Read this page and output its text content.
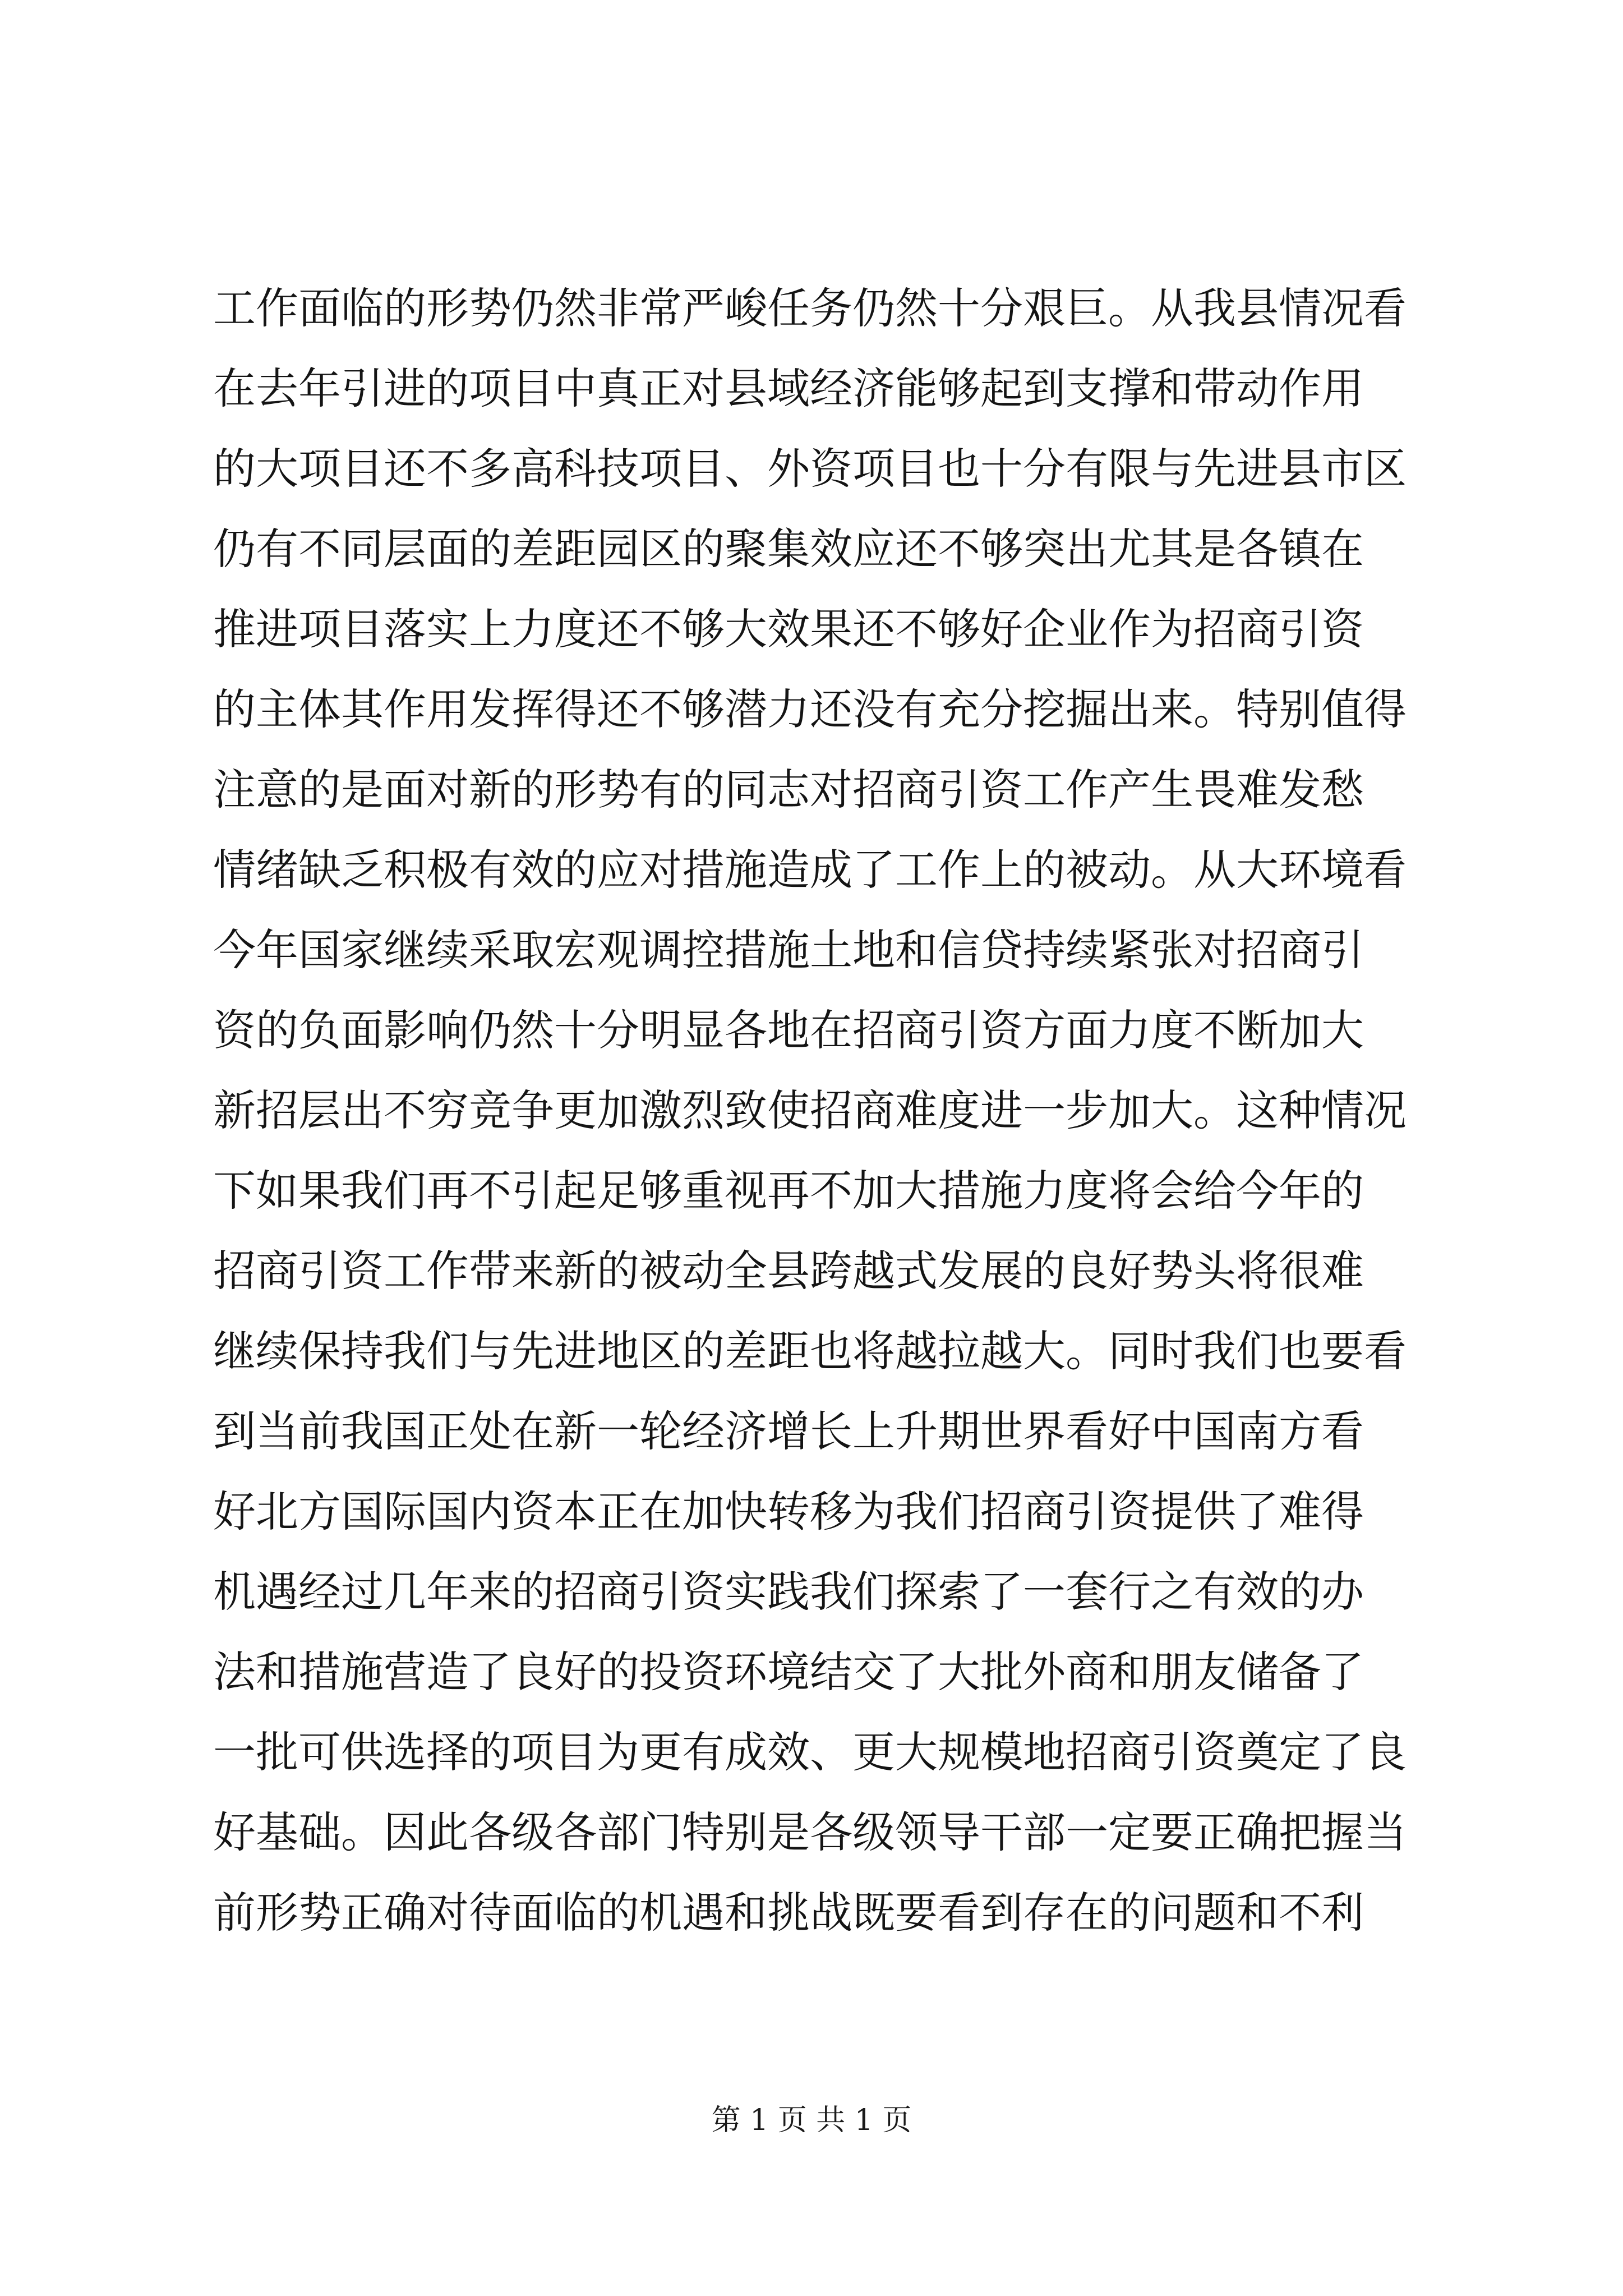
工作面临的形势仍然非常严峻任务仍然十分艰巨。从我县情况看
在去年引进的项目中真正对县域经济能够起到支撑和带动作用
的大项目还不多高科技项目、外资项目也十分有限与先进县市区
仍有不同层面的差距园区的聚集效应还不够突出尤其是各镇在
推进项目落实上力度还不够大效果还不够好企业作为招商引资
的主体其作用发挥得还不够潜力还没有充分挖掘出来。特别值得
注意的是面对新的形势有的同志对招商引资工作产生畏难发愁
情绪缺乏积极有效的应对措施造成了工作上的被动。从大环境看
今年国家继续采取宏观调控措施土地和信贷持续紧张对招商引
资的负面影响仍然十分明显各地在招商引资方面力度不断加大
新招层出不穷竞争更加激烈致使招商难度进一步加大。这种情况
下如果我们再不引起足够重视再不加大措施力度将会给今年的
招商引资工作带来新的被动全县跨越式发展的良好势头将很难
继续保持我们与先进地区的差距也将越拉越大。同时我们也要看
到当前我国正处在新一轮经济增长上升期世界看好中国南方看
好北方国际国内资本正在加快转移为我们招商引资提供了难得
机遇经过几年来的招商引资实践我们探索了一套行之有效的办
法和措施营造了良好的投资环境结交了大批外商和朋友储备了
一批可供选择的项目为更有成效、更大规模地招商引资奠定了良
好基础。因此各级各部门特别是各级领导干部一定要正确把握当
前形势正确对待面临的机遇和挑战既要看到存在的问题和不利
第 1 页 共 1 页
